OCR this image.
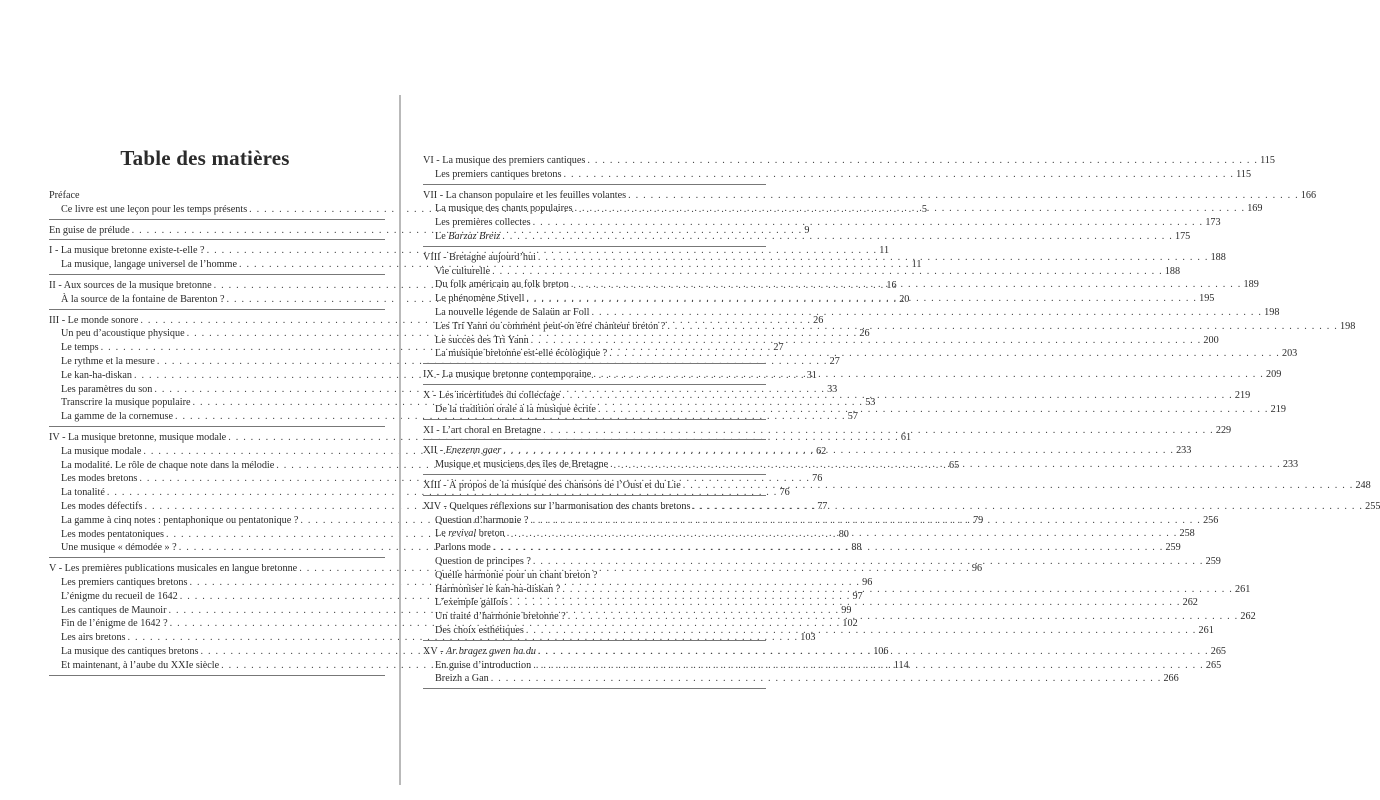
Table des matières
Préface
Ce livre est une leçon pour les temps présents . . .	5
En guise de prélude . . .	9
I - La musique bretonne existe-t-elle ? . . .	11
La musique, langage universel de l’homme . . .	11
II - Aux sources de la musique bretonne . . .	16
À la source de la fontaine de Barenton ? . . .	20
III - Le monde sonore . . .	26
Un peu d’acoustique physique . . .	26
Le temps . . .	27
Le rythme et la mesure . . .	27
Le kan-ha-diskan . . .	31
Les paramètres du son . . .	33
Transcrire la musique populaire . . .	53
La gamme de la cornemuse . . .	57
IV - La musique bretonne, musique modale . . .	61
La musique modale . . .	62
La modalité. Le rôle de chaque note dans la mélodie . . .	65
Les modes bretons . . .	76
La tonalité . . .	76
Les modes défectifs . . .	77
La gamme à cinq notes : pentaphonique ou pentatonique ? . . .	79
Les modes pentatoniques . . .	80
Une musique « démodée » ? . . .	88
V - Les premières publications musicales en langue bretonne . . .	96
Les premiers cantiques bretons . . .	96
L’énigme du recueil de 1642 . . .	97
Les cantiques de Maunoir . . .	99
Fin de l’énigme de 1642 ? . . .	102
Les airs bretons . . .	103
La musique des cantiques bretons . . .	106
Et maintenant, à l’aube du XXIe siècle . . .	114
VI - La musique des premiers cantiques . . .	115
Les premiers cantiques bretons . . .	115
VII - La chanson populaire et les feuilles volantes . . .	166
La musique des chants populaires . . .	169
Les premières collectes . . .	173
Le Barzaz Breiz . . .	175
VIII - Bretagne aujourd’hui . . .	188
Vie culturelle . . .	188
Du folk américain au folk breton . . .	189
Le phénomène Stivell . . .	195
La nouvelle légende de Salaün ar Foll . . .	198
Les Tri Yann ou comment peut-on être chanteur breton ? . . .	198
Le succès des Tri Yann . . .	200
La musique bretonne est-elle écologique ? . . .	203
IX - La musique bretonne contemporaine . . .	209
X - Les incertitudes du collectage . . .	219
De la tradition orale à la musique écrite . . .	219
XI - L’art choral en Bretagne . . .	229
XII - Enezenn gaer . . .	233
Musique et musiciens des îles de Bretagne . . .	233
XIII - À propos de la musique des chansons de l’Oust et du Lie . . .	248
XIV - Quelques réflexions sur l’harmonisation des chants bretons . . .	255
Question d’harmonie ? . . .	256
Le revival breton . . .	258
Parlons mode . . .	259
Question de principes ? . . .	259
Quelle harmonie pour un chant breton ?
Harmoniser le kan-ha-diskan ? . . .	261
L’exemple gallois . . .	262
Un traité d’harmonie bretonne ? . . .	262
Des choix esthétiques . . .	261
XV - Ar bragez gwen ha du . . .	265
En guise d’introduction . . .	265
Breizh a Gan . . .	266
